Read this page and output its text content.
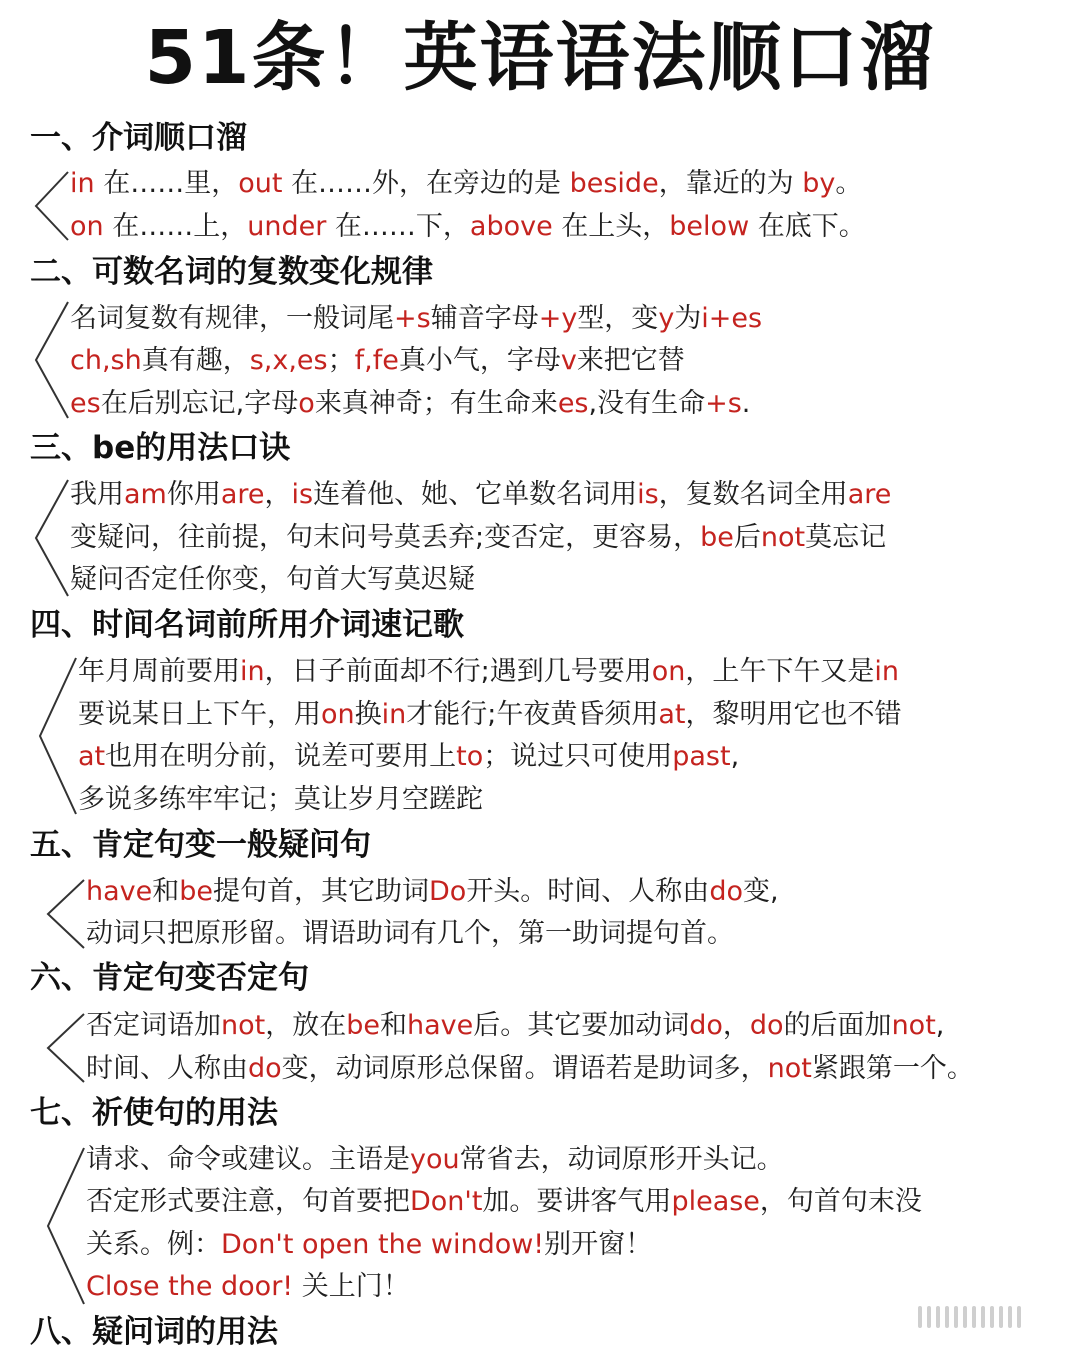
51条！英语语法顺口溜
一、介词顺口溜
in 在……里，out 在……外，在旁边的是 beside，靠近的为 by。
on 在……上，under 在……下，above 在上头，below 在底下。
二、可数名词的复数变化规律
名词复数有规律，一般词尾+s辅音字母+y型，变y为i+es
ch,sh真有趣，s,x,es；f,fe真小气，字母v来把它替
es在后别忘记,字母o来真神奇；有生命来es,没有生命+s.
三、be的用法口诀
我用am你用are，is连着他、她、它单数名词用is，复数名词全用are
变疑问，往前提，句末问号莫丢弃;变否定，更容易，be后not莫忘记
疑问否定任你变，句首大写莫迟疑
四、时间名词前所用介词速记歌
年月周前要用in，日子前面却不行;遇到几号要用on，上午下午又是in
要说某日上下午，用on换in才能行;午夜黄昏须用at，黎明用它也不错
at也用在明分前，说差可要用上to；说过只可使用past,
多说多练牢牢记；莫让岁月空蹉跎
五、肯定句变一般疑问句
have和be提句首，其它助词Do开头。时间、人称由do变,
动词只把原形留。谓语助词有几个，第一助词提句首。
六、肯定句变否定句
否定词语加not，放在be和have后。其它要加动词do，do的后面加not,
时间、人称由do变，动词原形总保留。谓语若是助词多，not紧跟第一个。
七、祈使句的用法
请求、命令或建议。主语是you常省去，动词原形开头记。
否定形式要注意，句首要把Don't加。要讲客气用please，句首句末没
关系。例：Don't open the window!别开窗！
Close the door! 关上门！
八、疑问词的用法
